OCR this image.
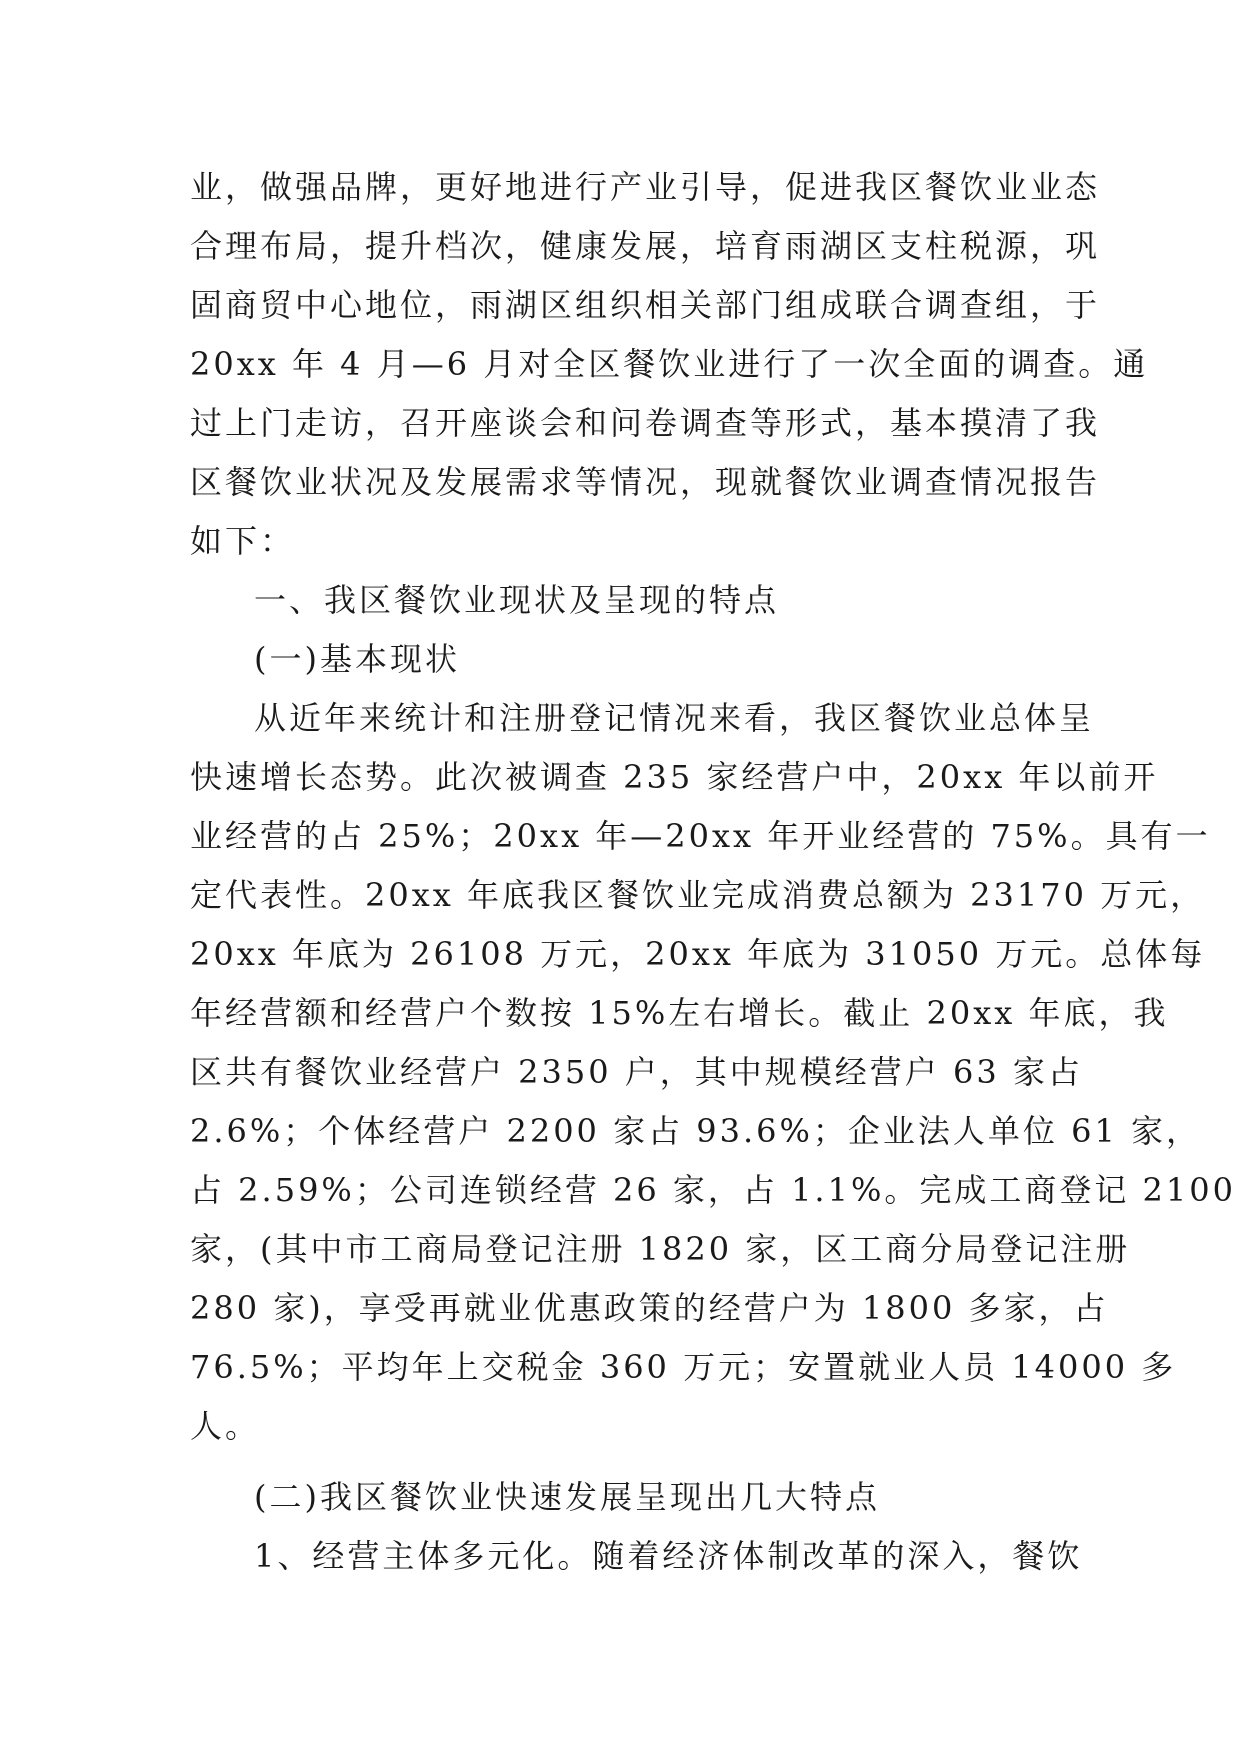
业，做强品牌，更好地进行产业引导，促进我区餐饮业业态
合理布局，提升档次，健康发展，培育雨湖区支柱税源，巩
固商贸中心地位，雨湖区组织相关部门组成联合调查组，于
20xx 年 4 月—6 月对全区餐饮业进行了一次全面的调查。通
过上门走访，召开座谈会和问卷调查等形式，基本摸清了我
区餐饮业状况及发展需求等情况，现就餐饮业调查情况报告
如下：
一、我区餐饮业现状及呈现的特点
(一)基本现状
从近年来统计和注册登记情况来看，我区餐饮业总体呈
快速增长态势。此次被调查 235 家经营户中，20xx 年以前开
业经营的占 25%；20xx 年—20xx 年开业经营的 75%。具有一
定代表性。20xx 年底我区餐饮业完成消费总额为 23170 万元，
20xx 年底为 26108 万元，20xx 年底为 31050 万元。总体每
年经营额和经营户个数按 15%左右增长。截止 20xx 年底，我
区共有餐饮业经营户 2350 户，其中规模经营户 63 家占
2.6%；个体经营户 2200 家占 93.6%；企业法人单位 61 家，
占 2.59%；公司连锁经营 26 家，占 1.1%。完成工商登记 2100
家，(其中市工商局登记注册 1820 家，区工商分局登记注册
280 家)，享受再就业优惠政策的经营户为 1800 多家，占
76.5%；平均年上交税金 360 万元；安置就业人员 14000 多
人。
(二)我区餐饮业快速发展呈现出几大特点
1、经营主体多元化。随着经济体制改革的深入，餐饮
